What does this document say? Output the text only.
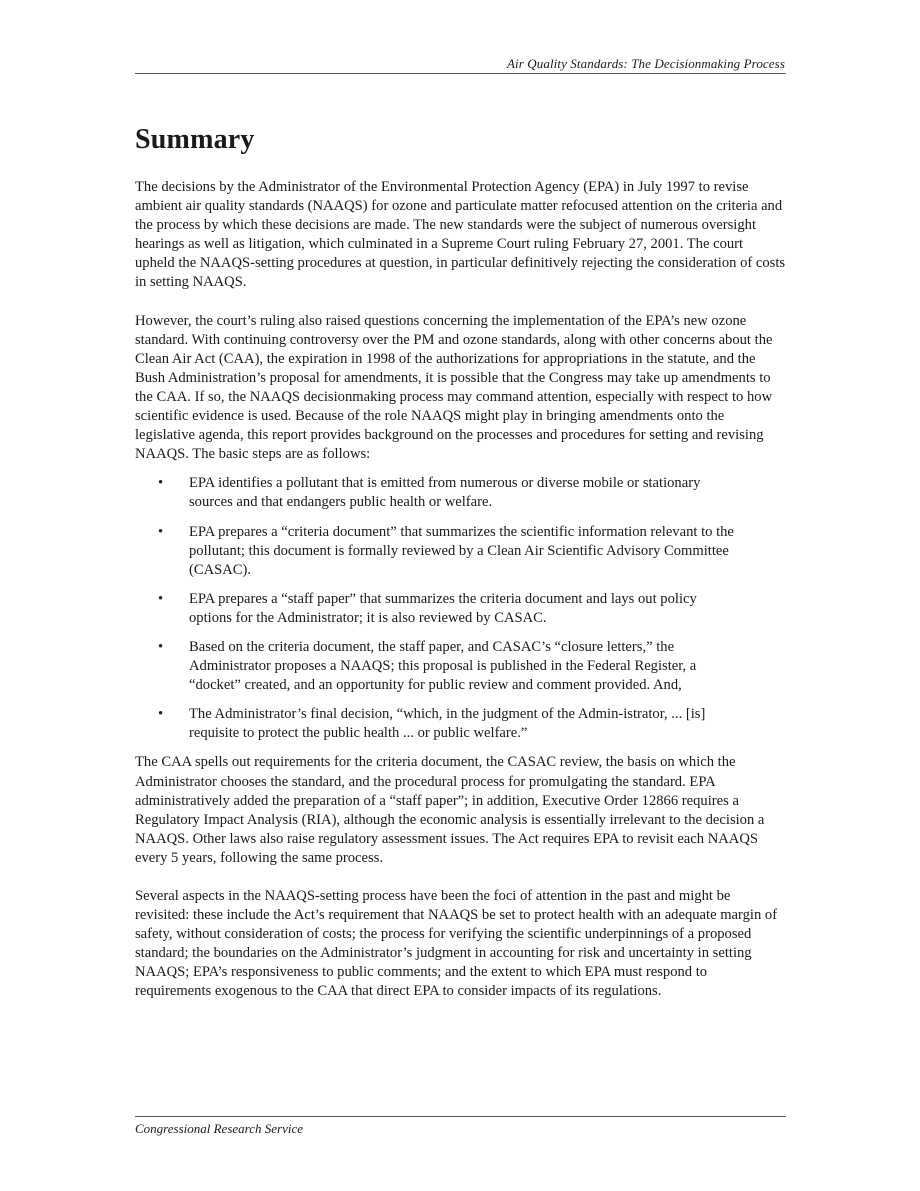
Air Quality Standards: The Decisionmaking Process
Summary

The decisions by the Administrator of the Environmental Protection Agency (EPA) in July 1997 to revise ambient air quality standards (NAAQS) for ozone and particulate matter refocused attention on the criteria and the process by which these decisions are made. The new standards were the subject of numerous oversight hearings as well as litigation, which culminated in a Supreme Court ruling February 27, 2001. The court upheld the NAAQS-setting procedures at question, in particular definitively rejecting the consideration of costs in setting NAAQS.

However, the court’s ruling also raised questions concerning the implementation of the EPA’s new ozone standard. With continuing controversy over the PM and ozone standards, along with other concerns about the Clean Air Act (CAA), the expiration in 1998 of the authorizations for appropriations in the statute, and the Bush Administration’s proposal for amendments, it is possible that the Congress may take up amendments to the CAA. If so, the NAAQS decisionmaking process may command attention, especially with respect to how scientific evidence is used. Because of the role NAAQS might play in bringing amendments onto the legislative agenda, this report provides background on the processes and procedures for setting and revising NAAQS. The basic steps are as follows:

• EPA identifies a pollutant that is emitted from numerous or diverse mobile or stationary sources and that endangers public health or welfare.
• EPA prepares a “criteria document” that summarizes the scientific information relevant to the pollutant; this document is formally reviewed by a Clean Air Scientific Advisory Committee (CASAC).
• EPA prepares a “staff paper” that summarizes the criteria document and lays out policy options for the Administrator; it is also reviewed by CASAC.
• Based on the criteria document, the staff paper, and CASAC’s “closure letters,” the Administrator proposes a NAAQS; this proposal is published in the Federal Register, a “docket” created, and an opportunity for public review and comment provided. And,
• The Administrator’s final decision, “which, in the judgment of the Admin-istrator, ... [is] requisite to protect the public health ... or public welfare.”

The CAA spells out requirements for the criteria document, the CASAC review, the basis on which the Administrator chooses the standard, and the procedural process for promulgating the standard. EPA administratively added the preparation of a “staff paper”; in addition, Executive Order 12866 requires a Regulatory Impact Analysis (RIA), although the economic analysis is essentially irrelevant to the decision a NAAQS. Other laws also raise regulatory assessment issues. The Act requires EPA to revisit each NAAQS every 5 years, following the same process.

Several aspects in the NAAQS-setting process have been the foci of attention in the past and might be revisited: these include the Act’s requirement that NAAQS be set to protect health with an adequate margin of safety, without consideration of costs; the process for verifying the scientific underpinnings of a proposed standard; the boundaries on the Administrator’s judgment in accounting for risk and uncertainty in setting NAAQS; EPA’s responsiveness to public comments; and the extent to which EPA must respond to requirements exogenous to the CAA that direct EPA to consider impacts of its regulations.

Congressional Research Service
